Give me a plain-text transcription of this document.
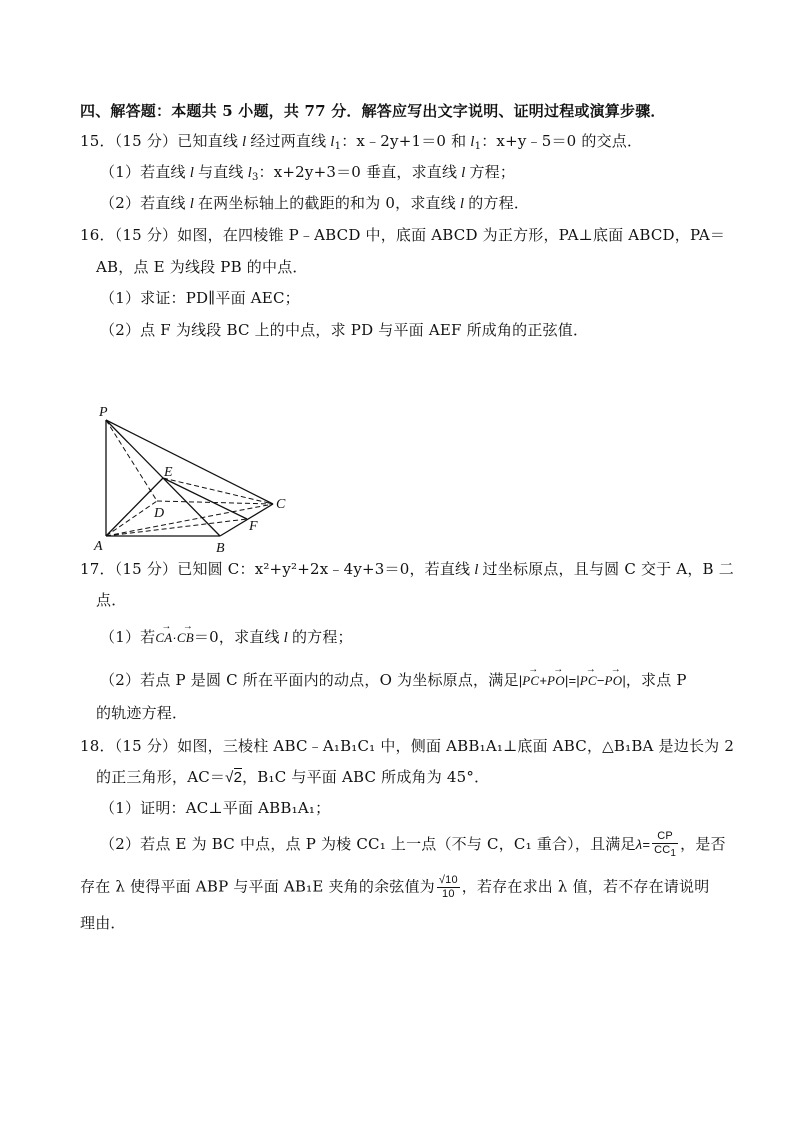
四、解答题：本题共 5 小题，共 77 分．解答应写出文字说明、证明过程或演算步骤．
15．（15 分）已知直线 l 经过两直线 $l_1$：x﹣2y+1＝0 和 $l_1$：x+y﹣5＝0 的交点．
（1）若直线 l 与直线 $l_3$：x+2y+3＝0 垂直，求直线 l 方程；
（2）若直线 l 在两坐标轴上的截距的和为 0，求直线 l 的方程．
16．（15 分）如图，在四棱锥 P﹣ABCD 中，底面 ABCD 为正方形，PA⊥底面 ABCD，PA＝
AB，点 E 为线段 PB 的中点．
（1）求证：PD∥平面 AEC；
（2）点 F 为线段 BC 上的中点，求 PD 与平面 AEF 所成角的正弦值．
P
E
D
C
F
A	B
17．（15 分）已知圆 C：x²+y²+2x﹣4y+3＝0，若直线 l 过坐标原点，且与圆 C 交于 A，B 二
点．
（1）若→ CA·→ CB＝0，求直线 l 的方程；
（2）若点 P 是圆 C 所在平面内的动点，O 为坐标原点，满足|→ PC+→ PO|=|→ PC−→ PO|，求点 P
的轨迹方程．
18．（15 分）如图，三棱柱 ABC﹣A₁B₁C₁ 中，侧面 ABB₁A₁⊥底面 ABC，△B₁BA 是边长为 2
的正三角形，AC＝√2，B₁C 与平面 ABC 所成角为 45°．
（1）证明：AC⊥平面 ABB₁A₁；
（2）若点 E 为 BC 中点，点 P 为棱 CC₁ 上一点（不与 C，C₁ 重合），且满足$\lambda= \frac{CP}{CC_1}$ ，是否
存在 λ 使得平面 ABP 与平面 AB₁E 夹角的余弦值为 $\frac{√10}{10}$ ，若存在求出 λ 值，若不存在请说明
理由．
